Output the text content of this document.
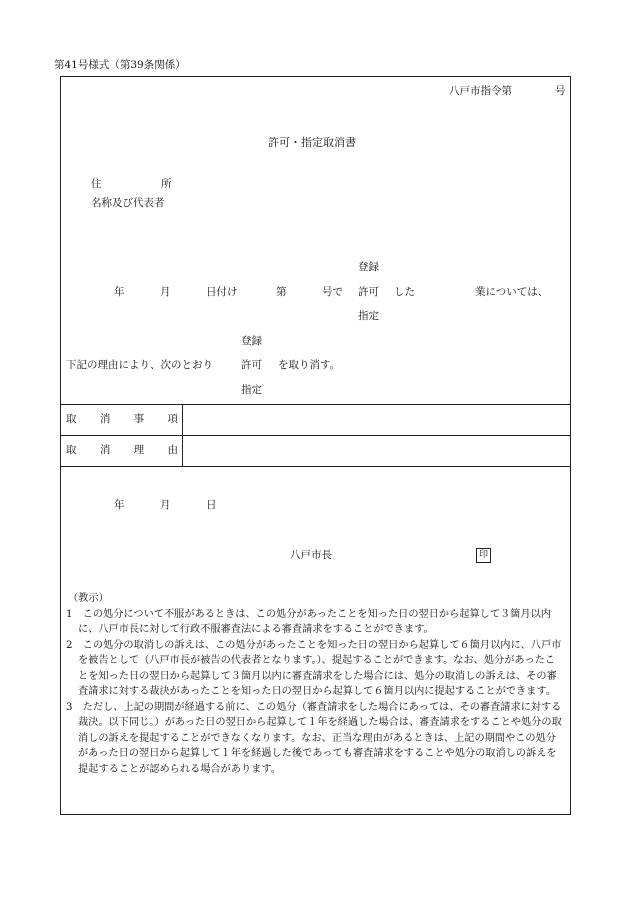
第41号様式（第39条関係）
八戸市指令第	号
許可・指定取消書
住	所
名称及び代表者
登録
年	月	日付け	第	号で 許可 した	業については、
指定
登録
下記の理由により、次のとおり	許可 を取り消す。
指定
取 消 事 項
取 消 理 由
年	月	日
八戸市長	印
（教示）

1　この処分について不服があるときは、この処分があったことを知った日の翌日から起算して３箇月以内に、八戸市長に対して行政不服審査法による審査請求をすることができます。

2　この処分の取消しの訴えは、この処分があったことを知った日の翌日から起算して６箇月以内に、八戸市を被告として（八戸市長が被告の代表者となります。）、提起することができます。なお、処分があったことを知った日の翌日から起算して３箇月以内に審査請求をした場合には、処分の取消しの訴えは、その審査請求に対する裁決があったことを知った日の翌日から起算して６箇月以内に提起することができます。

3　ただし、上記の期間が経過する前に、この処分（審査請求をした場合にあっては、その審査請求に対する裁決。以下同じ。）があった日の翌日から起算して１年を経過した場合は、審査請求をすることや処分の取消しの訴えを提起することができなくなります。なお、正当な理由があるときは、上記の期間やこの処分があった日の翌日から起算して１年を経過した後であっても審査請求をすることや処分の取消しの訴えを提起することが認められる場合があります。
